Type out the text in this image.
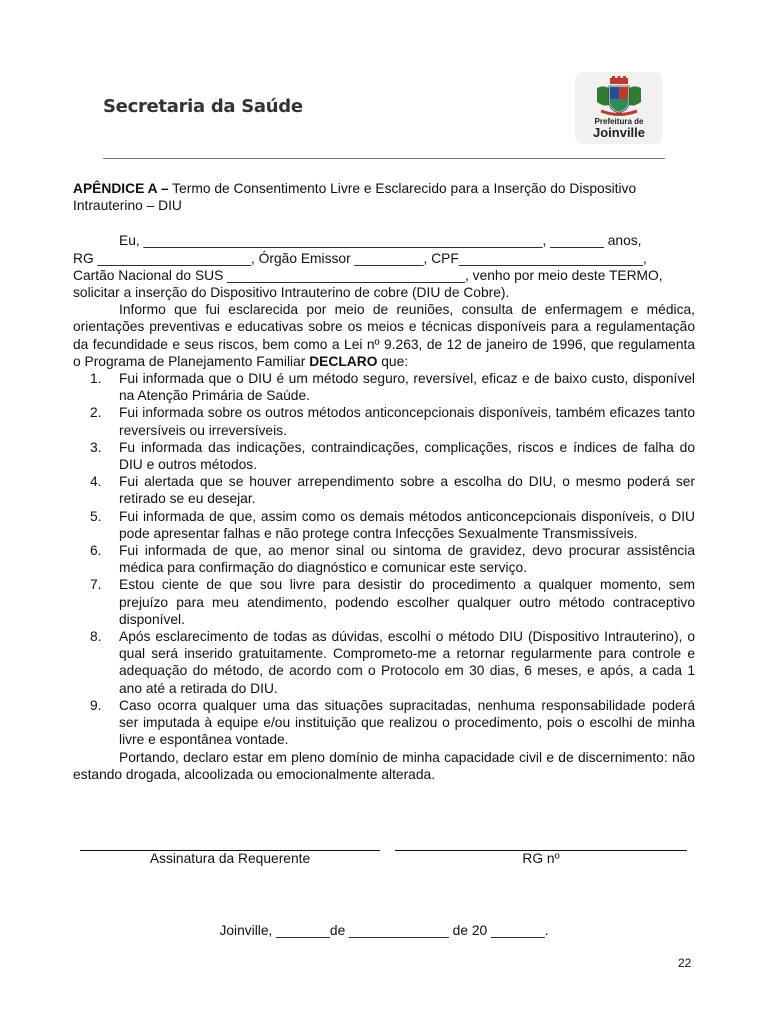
Secretaria da Saúde
Prefeitura de
Joinville

APÊNDICE A – Termo de Consentimento Livre e Esclarecido para a Inserção do Dispositivo Intrauterino – DIU

Eu, ____________________________________________________, _______ anos,
RG ____________________, Órgão Emissor _________, CPF________________________,
Cartão Nacional do SUS _______________________________, venho por meio deste TERMO,
solicitar a inserção do Dispositivo Intrauterino de cobre (DIU de Cobre).

Informo que fui esclarecida por meio de reuniões, consulta de enfermagem e médica, orientações preventivas e educativas sobre os meios e técnicas disponíveis para a regulamentação da fecundidade e seus riscos, bem como a Lei nº 9.263, de 12 de janeiro de 1996, que regulamenta o Programa de Planejamento Familiar DECLARO que:

1. Fui informada que o DIU é um método seguro, reversível, eficaz e de baixo custo, disponível na Atenção Primária de Saúde.
2. Fui informada sobre os outros métodos anticoncepcionais disponíveis, também eficazes tanto reversíveis ou irreversíveis.
3. Fu informada das indicações, contraindicações, complicações, riscos e índices de falha do DIU e outros métodos.
4. Fui alertada que se houver arrependimento sobre a escolha do DIU, o mesmo poderá ser retirado se eu desejar.
5. Fui informada de que, assim como os demais métodos anticoncepcionais disponíveis, o DIU pode apresentar falhas e não protege contra Infecções Sexualmente Transmissíveis.
6. Fui informada de que, ao menor sinal ou sintoma de gravidez, devo procurar assistência médica para confirmação do diagnóstico e comunicar este serviço.
7. Estou ciente de que sou livre para desistir do procedimento a qualquer momento, sem prejuízo para meu atendimento, podendo escolher qualquer outro método contraceptivo disponível.
8. Após esclarecimento de todas as dúvidas, escolhi o método DIU (Dispositivo Intrauterino), o qual será inserido gratuitamente. Comprometo-me a retornar regularmente para controle e adequação do método, de acordo com o Protocolo em 30 dias, 6 meses, e após, a cada 1 ano até a retirada do DIU.
9. Caso ocorra qualquer uma das situações supracitadas, nenhuma responsabilidade poderá ser imputada à equipe e/ou instituição que realizou o procedimento, pois o escolhi de minha livre e espontânea vontade.

Portando, declaro estar em pleno domínio de minha capacidade civil e de discernimento: não estando drogada, alcoolizada ou emocionalmente alterada.

Assinatura da Requerente	RG nº
Joinville, _______de _____________ de 20 _______.
22
